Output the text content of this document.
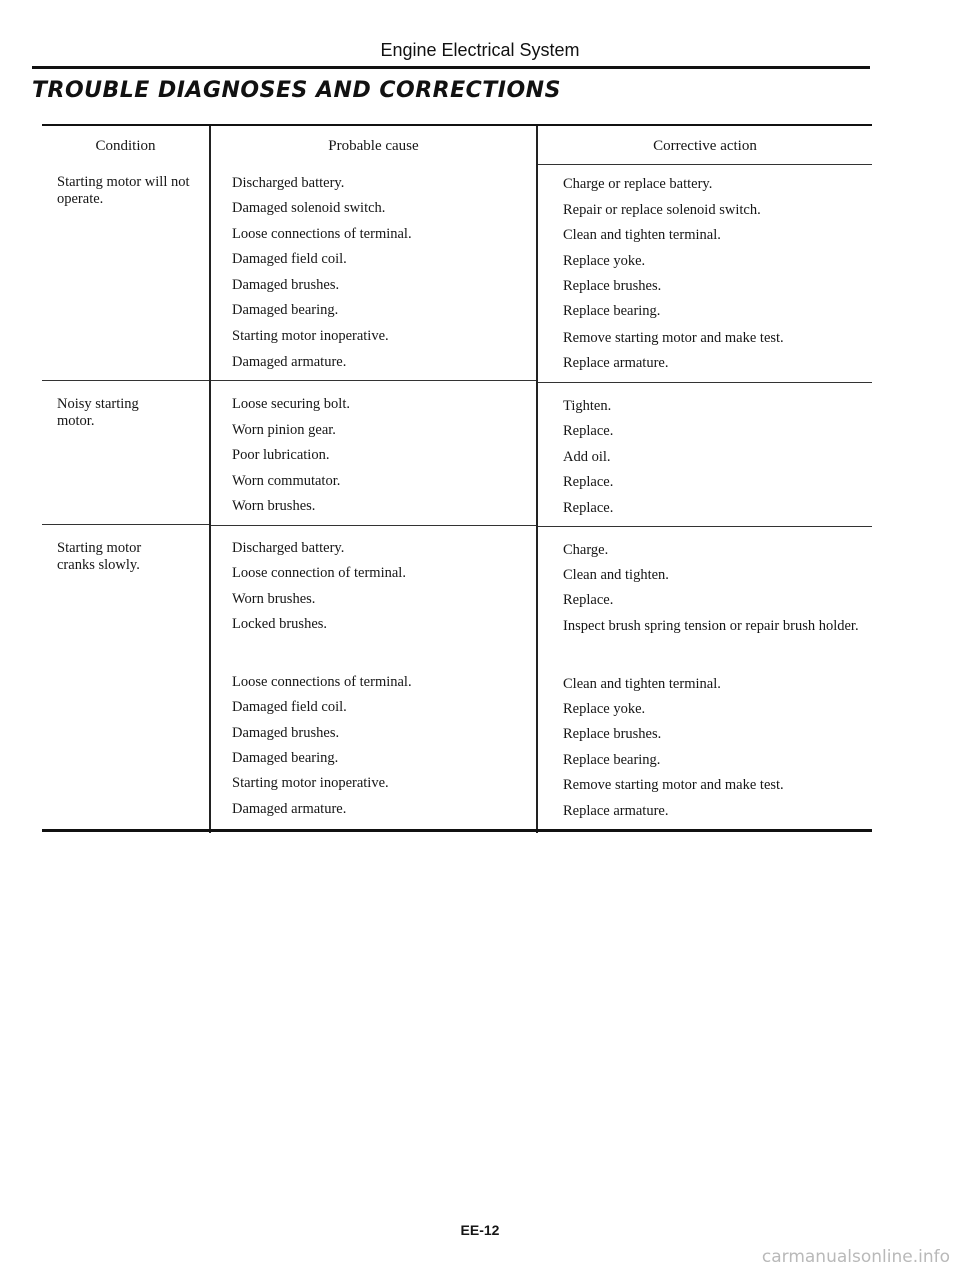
Engine Electrical System
TROUBLE DIAGNOSES AND CORRECTIONS
Condition	Probable cause	Corrective action
Starting motor will not operate.
Discharged battery.
Damaged solenoid switch.
Loose connections of terminal.
Damaged field coil.
Damaged brushes.
Damaged bearing.
Starting motor inoperative.
Damaged armature.
Charge or replace battery.
Repair or replace solenoid switch.
Clean and tighten terminal.
Replace yoke.
Replace brushes.
Replace bearing.
Remove starting motor and make test.
Replace armature.
Noisy starting motor.
Loose securing bolt.
Worn pinion gear.
Poor lubrication.
Worn commutator.
Worn brushes.
Tighten.
Replace.
Add oil.
Replace.
Replace.
Starting motor cranks slowly.
Discharged battery.
Loose connection of terminal.
Worn brushes.
Locked brushes.
Loose connections of terminal.
Damaged field coil.
Damaged brushes.
Damaged bearing.
Starting motor inoperative.
Damaged armature.
Charge.
Clean and tighten.
Replace.
Inspect brush spring tension or repair brush holder.
Clean and tighten terminal.
Replace yoke.
Replace brushes.
Replace bearing.
Remove starting motor and make test.
Replace armature.
EE-12
carmanualsonline.info
